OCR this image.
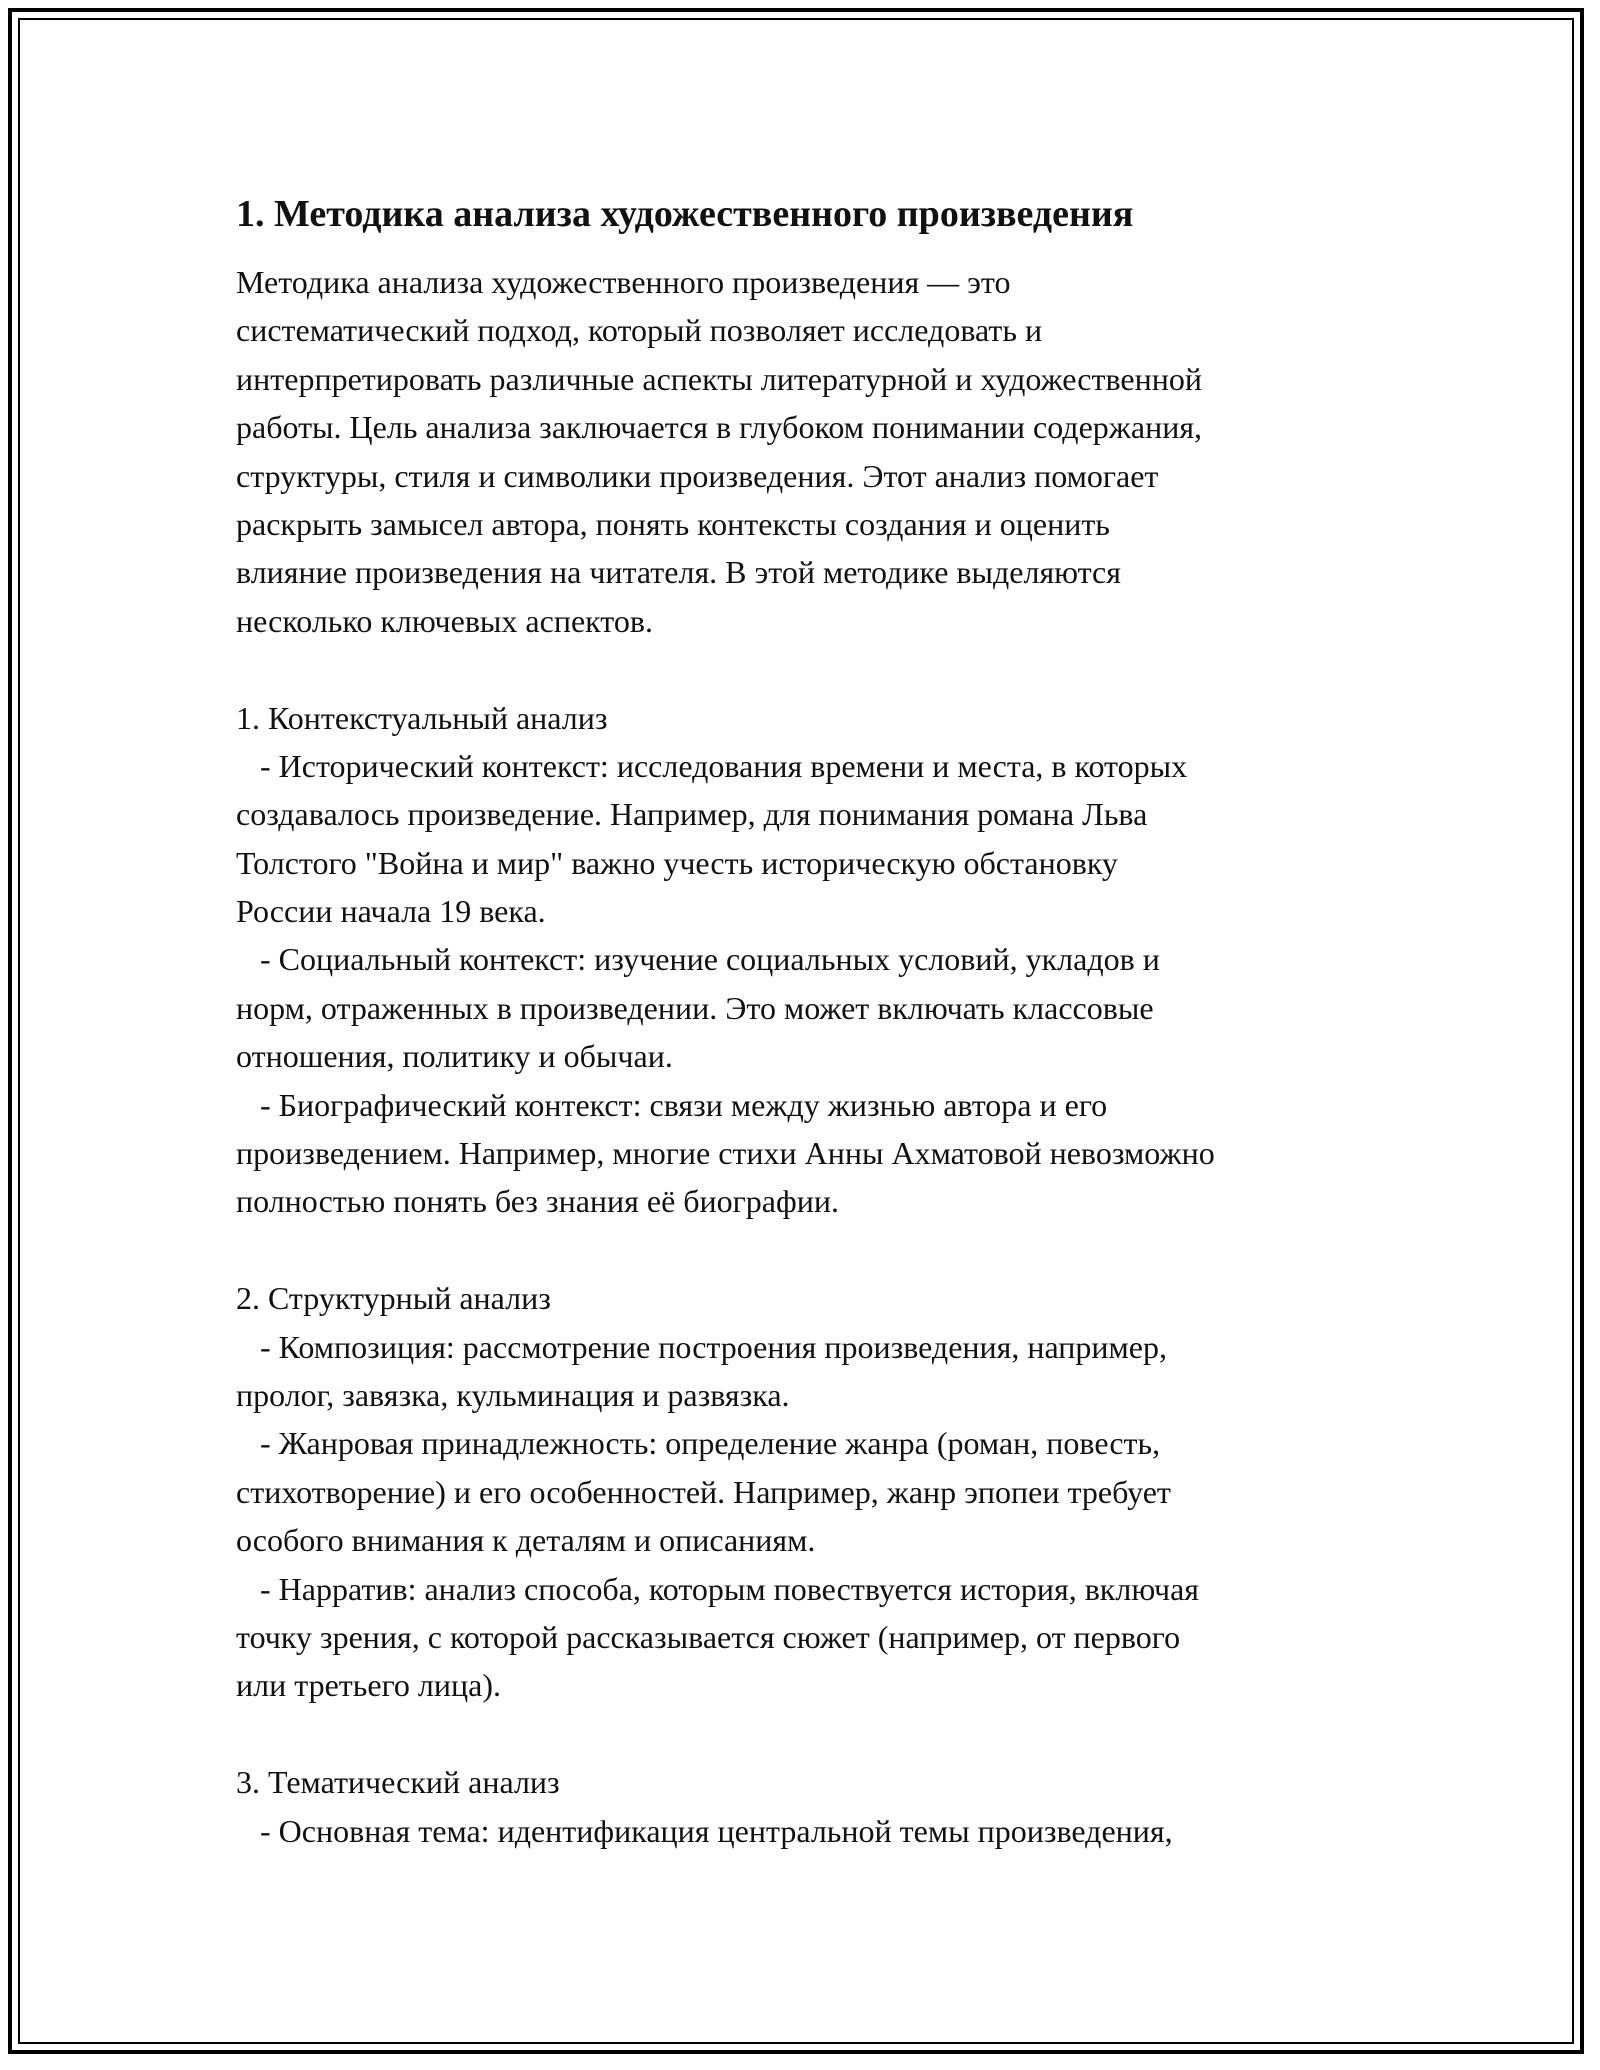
1. Методика анализа художественного произведения
Методика анализа художественного произведения — это
систематический подход, который позволяет исследовать и
интерпретировать различные аспекты литературной и художественной
работы. Цель анализа заключается в глубоком понимании содержания,
структуры, стиля и символики произведения. Этот анализ помогает
раскрыть замысел автора, понять контексты создания и оценить
влияние произведения на читателя. В этой методике выделяются
несколько ключевых аспектов.
1. Контекстуальный анализ
- Исторический контекст: исследования времени и места, в которых
создавалось произведение. Например, для понимания романа Льва
Толстого "Война и мир" важно учесть историческую обстановку
России начала 19 века.
- Социальный контекст: изучение социальных условий, укладов и
норм, отраженных в произведении. Это может включать классовые
отношения, политику и обычаи.
- Биографический контекст: связи между жизнью автора и его
произведением. Например, многие стихи Анны Ахматовой невозможно
полностью понять без знания её биографии.
2. Структурный анализ
- Композиция: рассмотрение построения произведения, например,
пролог, завязка, кульминация и развязка.
- Жанровая принадлежность: определение жанра (роман, повесть,
стихотворение) и его особенностей. Например, жанр эпопеи требует
особого внимания к деталям и описаниям.
- Нарратив: анализ способа, которым повествуется история, включая
точку зрения, с которой рассказывается сюжет (например, от первого
или третьего лица).
3. Тематический анализ
- Основная тема: идентификация центральной темы произведения,
